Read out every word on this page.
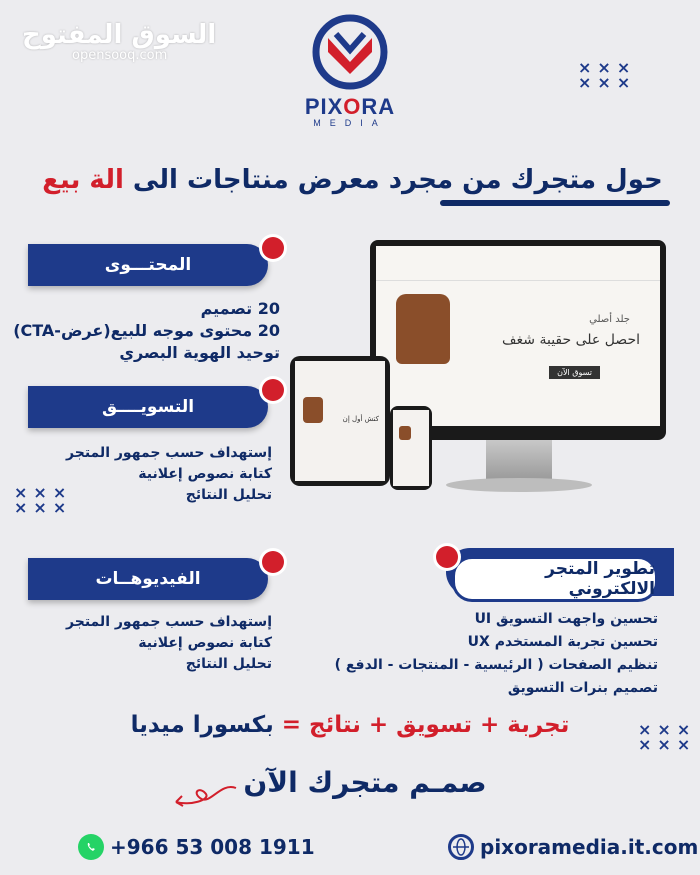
السوق المفتوح
opensooq.com
PIXORA
MEDIA
×××
×××
×××
×××
×××
×××
حول متجرك من مجرد معرض منتاجات الى الة بيع
المحتـــوى
20 تصميم
20 محتوى موجه للبيع(عرض-CTA)
توحيد الهوية البصري
التسويــــق
إستهداف حسب جمهور المتجر
كتابة نصوص إعلانية
تحليل النتائج
جلد أصلي
احصل على حقيبة شغف
تسوق الآن
كتش أول إن
الفيديوهــات
إستهداف حسب جمهور المتجر
كتابة نصوص إعلانية
تحليل النتائج
تطوير المتجر الالكتروني
تحسين واجهت التسويق UI
تحسين تجربة المستخدم UX
تنظيم الصفحات ( الرئيسية - المنتجات - الدفع )
تصميم بنرات التسويق
تجربة + تسويق + نتائج = بكسورا ميديا
صمـم متجرك الآن
+966 53 008 1911	pixoramedia.it.com
